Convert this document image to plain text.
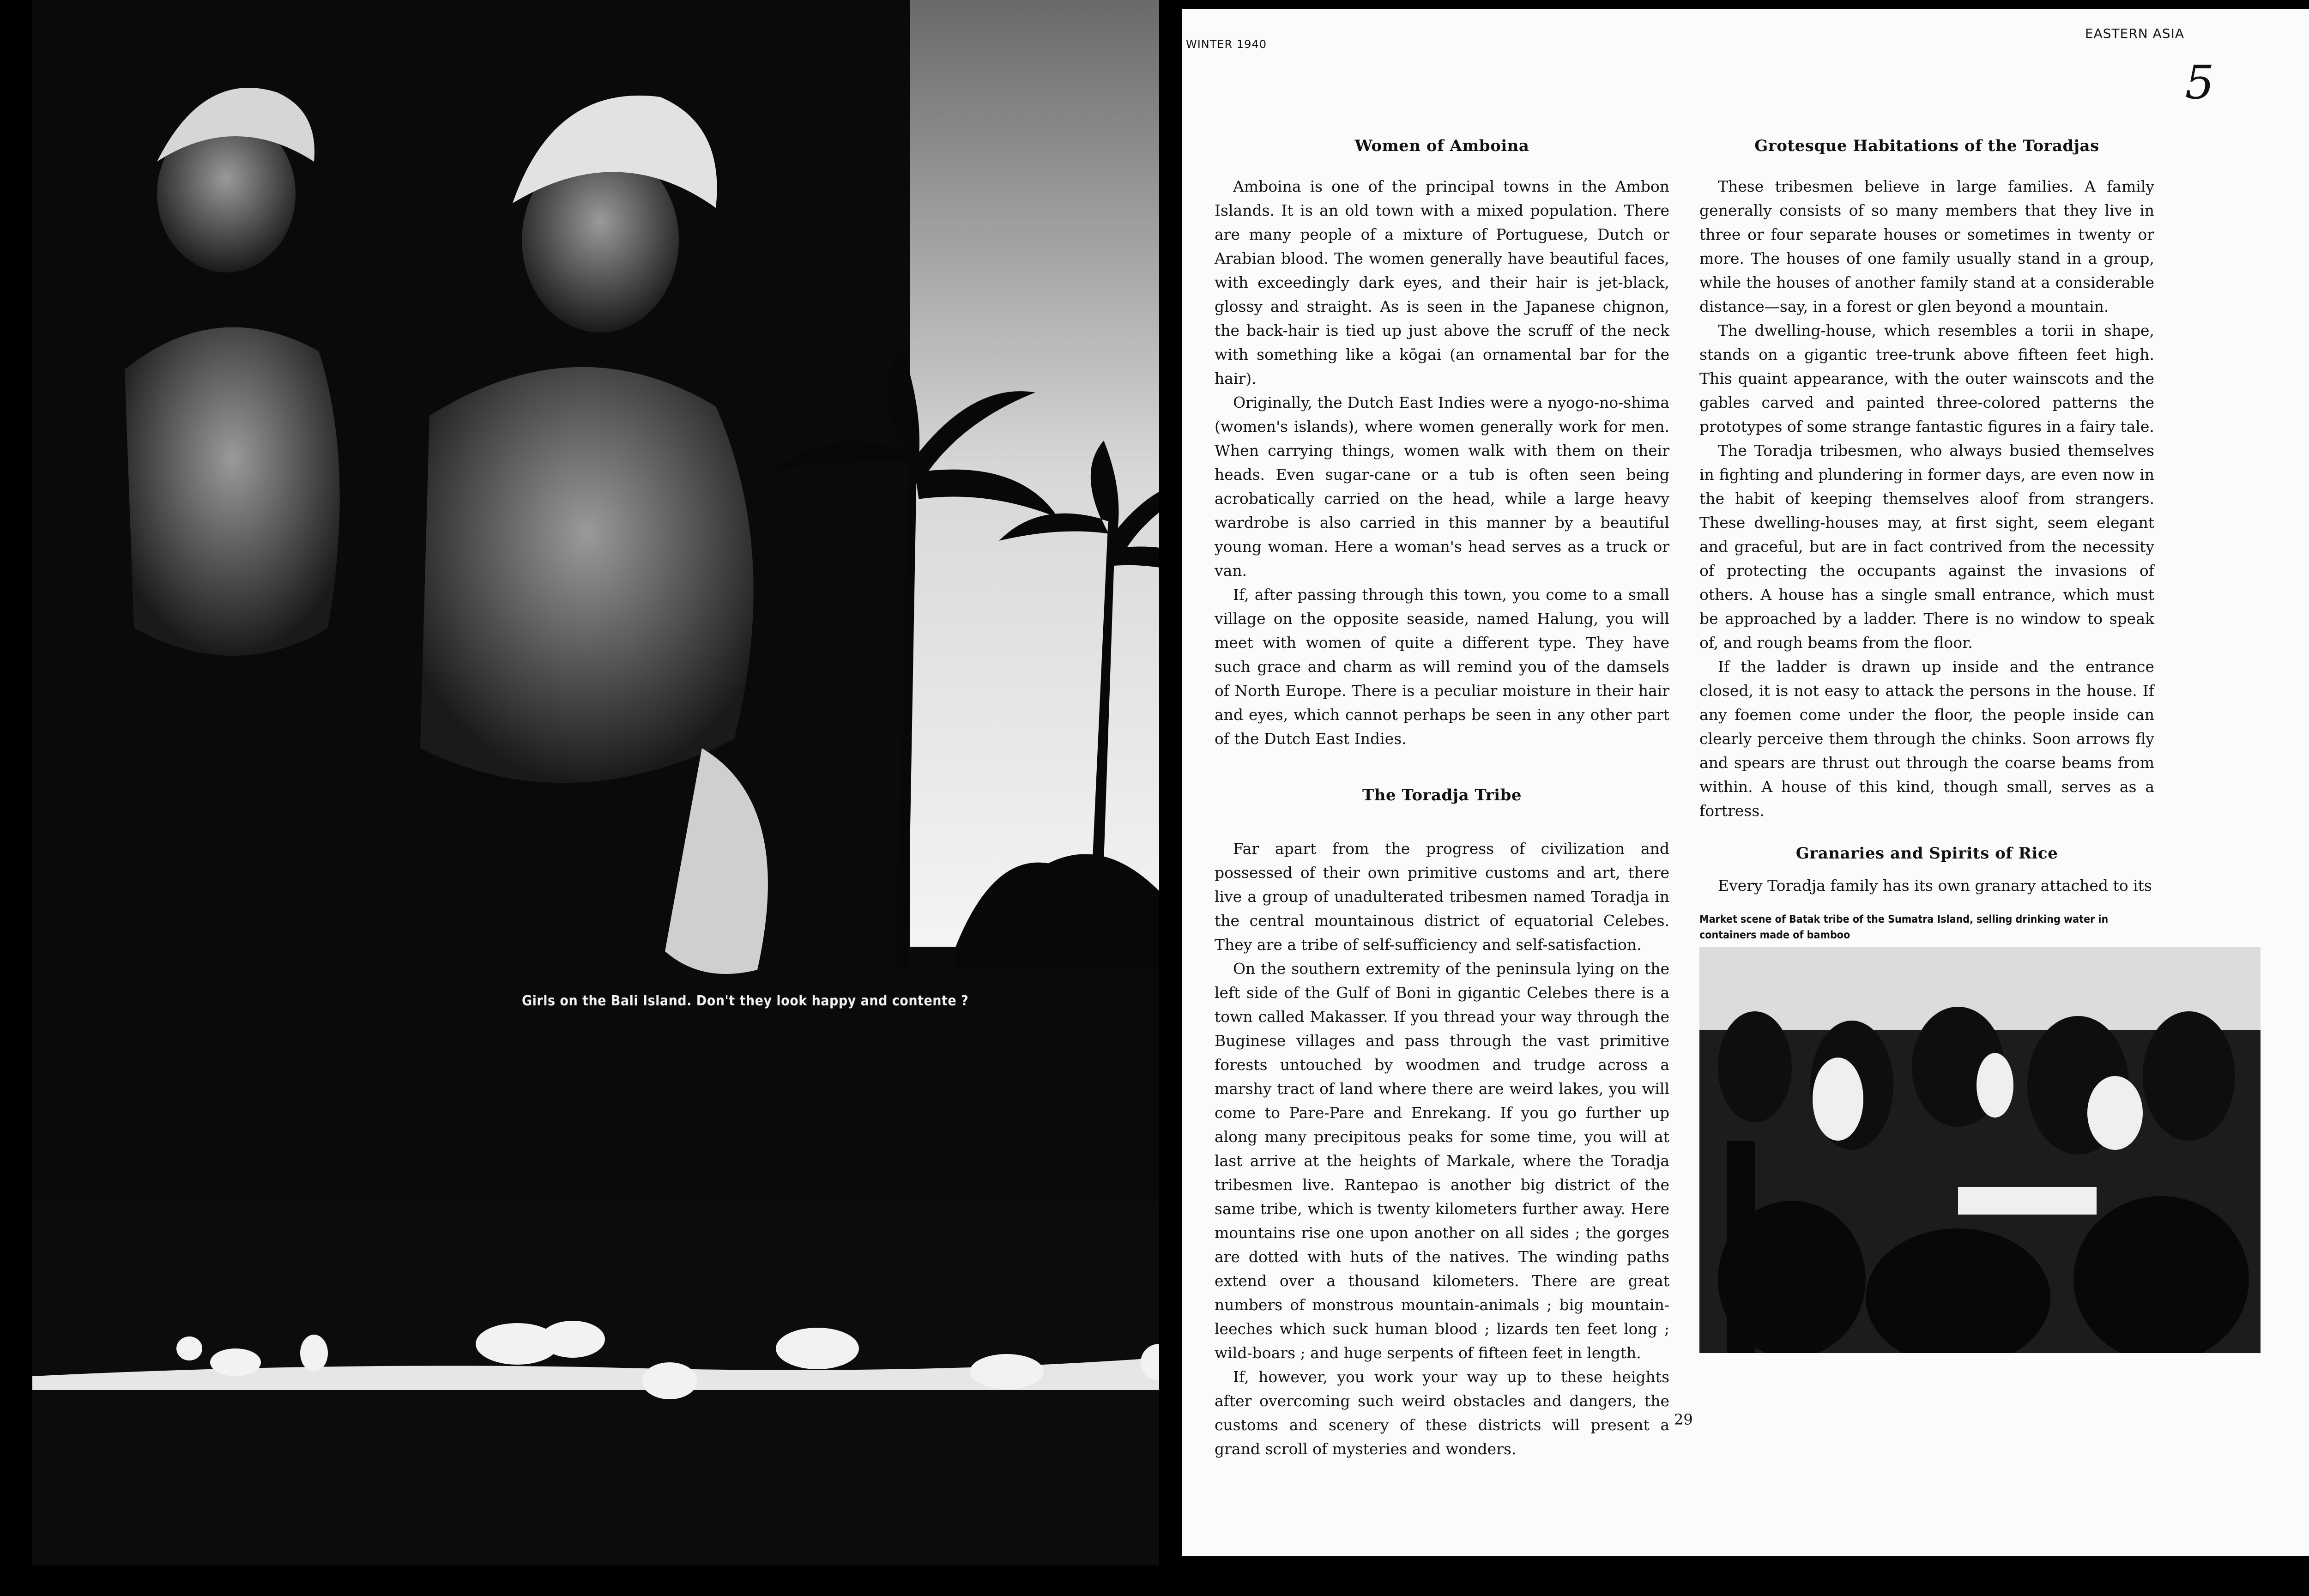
Girls on the Bali Island. Don't they look happy and contente ?
WINTER 1940
EASTERN ASIA
5
Women of Amboina

Amboina is one of the principal towns in the Ambon Islands. It is an old town with a mixed population. There are many people of a mixture of Portuguese, Dutch or Arabian blood. The women generally have beautiful faces, with exceedingly dark eyes, and their hair is jet-black, glossy and straight. As is seen in the Japanese chignon, the back-hair is tied up just above the scruff of the neck with something like a kōgai (an ornamental bar for the hair).

Originally, the Dutch East Indies were a nyogo-no-shima (women's islands), where women generally work for men. When carrying things, women walk with them on their heads. Even sugar-cane or a tub is often seen being acrobatically carried on the head, while a large heavy wardrobe is also carried in this manner by a beautiful young woman. Here a woman's head serves as a truck or van.

If, after passing through this town, you come to a small village on the opposite seaside, named Halung, you will meet with women of quite a different type. They have such grace and charm as will remind you of the damsels of North Europe. There is a peculiar moisture in their hair and eyes, which cannot perhaps be seen in any other part of the Dutch East Indies.

The Toradja Tribe

Far apart from the progress of civilization and possessed of their own primitive customs and art, there live a group of unadulterated tribesmen named Toradja in the central mountainous district of equatorial Celebes. They are a tribe of self-sufficiency and self-satisfaction.

On the southern extremity of the peninsula lying on the left side of the Gulf of Boni in gigantic Celebes there is a town called Makasser. If you thread your way through the Buginese villages and pass through the vast primitive forests untouched by woodmen and trudge across a marshy tract of land where there are weird lakes, you will come to Pare-Pare and Enrekang. If you go further up along many precipitous peaks for some time, you will at last arrive at the heights of Markale, where the Toradja tribesmen live. Rantepao is another big district of the same tribe, which is twenty kilometers further away. Here mountains rise one upon another on all sides ; the gorges are dotted with huts of the natives. The winding paths extend over a thousand kilometers. There are great numbers of monstrous mountain-animals ; big mountain-leeches which suck human blood ; lizards ten feet long ; wild-boars ; and huge serpents of fifteen feet in length.

If, however, you work your way up to these heights after overcoming such weird obstacles and dangers, the customs and scenery of these districts will present a grand scroll of mysteries and wonders.

Grotesque Habitations of the Toradjas

These tribesmen believe in large families. A family generally consists of so many members that they live in three or four separate houses or sometimes in twenty or more. The houses of one family usually stand in a group, while the houses of another family stand at a considerable distance—say, in a forest or glen beyond a mountain.

The dwelling-house, which resembles a torii in shape, stands on a gigantic tree-trunk above fifteen feet high. This quaint appearance, with the outer wainscots and the gables carved and painted three-colored patterns the prototypes of some strange fantastic figures in a fairy tale.

The Toradja tribesmen, who always busied themselves in fighting and plundering in former days, are even now in the habit of keeping themselves aloof from strangers. These dwelling-houses may, at first sight, seem elegant and graceful, but are in fact contrived from the necessity of protecting the occupants against the invasions of others. A house has a single small entrance, which must be approached by a ladder. There is no window to speak of, and rough beams from the floor.

If the ladder is drawn up inside and the entrance closed, it is not easy to attack the persons in the house. If any foemen come under the floor, the people inside can clearly perceive them through the chinks. Soon arrows fly and spears are thrust out through the coarse beams from within. A house of this kind, though small, serves as a fortress.

Granaries and Spirits of Rice

Every Toradja family has its own granary attached to its

Market scene of Batak tribe of the Sumatra Island, selling drinking water in containers made of bamboo
29
